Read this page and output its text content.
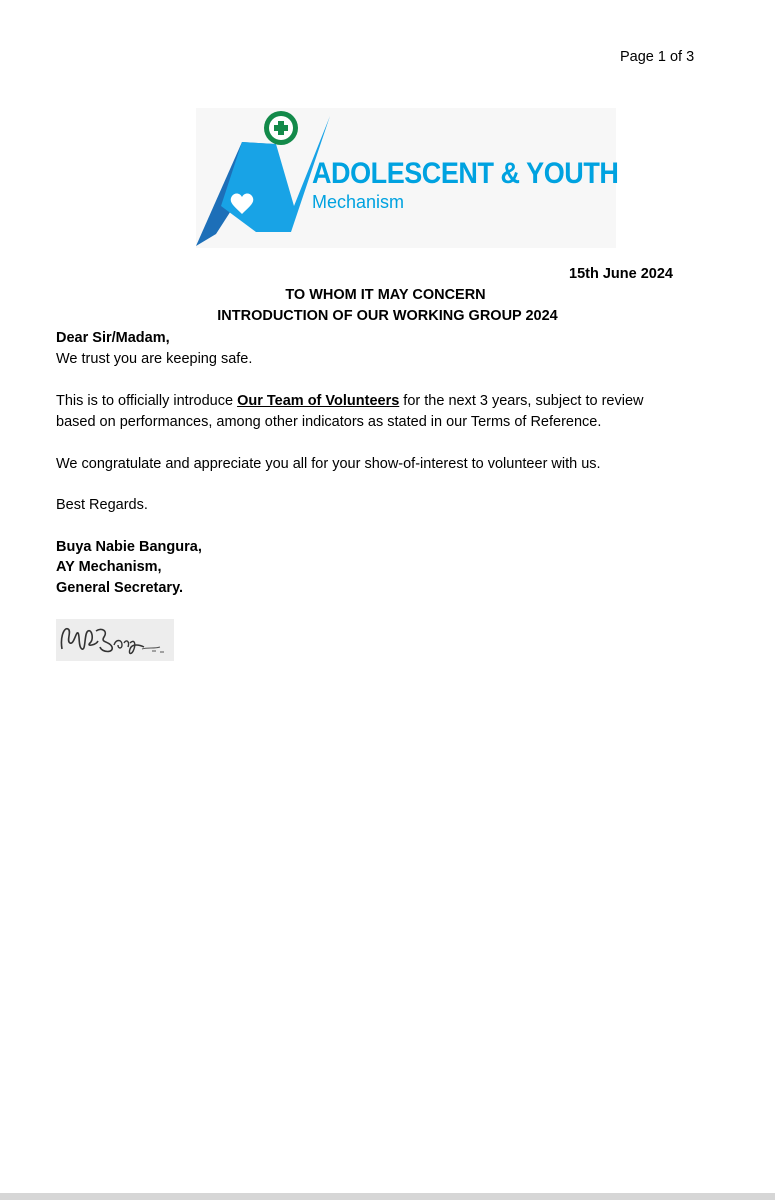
Page 1 of 3
ADOLESCENT & YOUTH
Mechanism
15th June 2024
TO WHOM IT MAY CONCERN
INTRODUCTION OF OUR WORKING GROUP 2024
Dear Sir/Madam,
We trust you are keeping safe.
This is to officially introduce Our Team of Volunteers for the next 3 years, subject to review
based on performances, among other indicators as stated in our Terms of Reference.
We congratulate and appreciate you all for your show-of-interest to volunteer with us.
Best Regards.
Buya Nabie Bangura,
AY Mechanism,
General Secretary.
